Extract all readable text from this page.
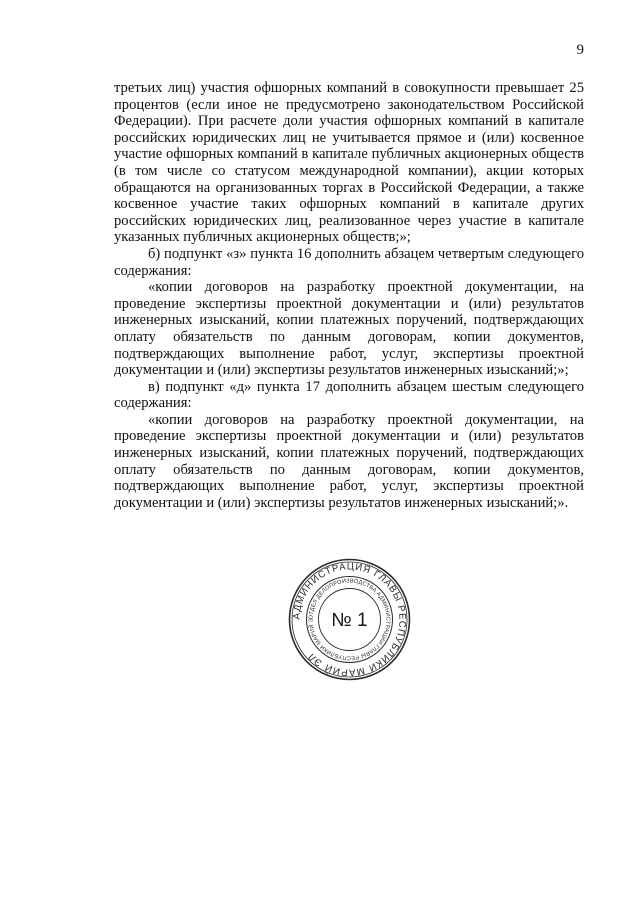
9

третьих лиц) участия офшорных компаний в совокупности превышает 25 процентов (если иное не предусмотрено законодательством Российской Федерации). При расчете доли участия офшорных компаний в капитале российских юридических лиц не учитывается прямое и (или) косвенное участие офшорных компаний в капитале публичных акционерных обществ (в том числе со статусом международной компании), акции которых обращаются на организованных торгах в Российской Федерации, а также косвенное участие таких офшорных компаний в капитале других российских юридических лиц, реализованное через участие в капитале указанных публичных акционерных обществ;»;

б) подпункт «з» пункта 16 дополнить абзацем четвертым следующего содержания:

«копии договоров на разработку проектной документации, на проведение экспертизы проектной документации и (или) результатов инженерных изысканий, копии платежных поручений, подтверждающих оплату обязательств по данным договорам, копии документов, подтверждающих выполнение работ, услуг, экспертизы проектной документации и (или) экспертизы результатов инженерных изысканий;»;

в) подпункт «д» пункта 17 дополнить абзацем шестым следующего содержания:

«копии договоров на разработку проектной документации, на проведение экспертизы проектной документации и (или) результатов инженерных изысканий, копии платежных поручений, подтверждающих оплату обязательств по данным договорам, копии документов, подтверждающих выполнение работ, услуг, экспертизы проектной документации и (или) экспертизы результатов инженерных изысканий;».

АДМИНИСТРАЦИЯ ГЛАВЫ РЕСПУБЛИКИ МАРИЙ ЭЛ
ОТДЕЛ ДЕЛОПРОИЗВОДСТВА АДМИНИСТРАЦИИ ГЛАВЫ РЕСПУБЛИКИ МАРИЙ Э № 1
